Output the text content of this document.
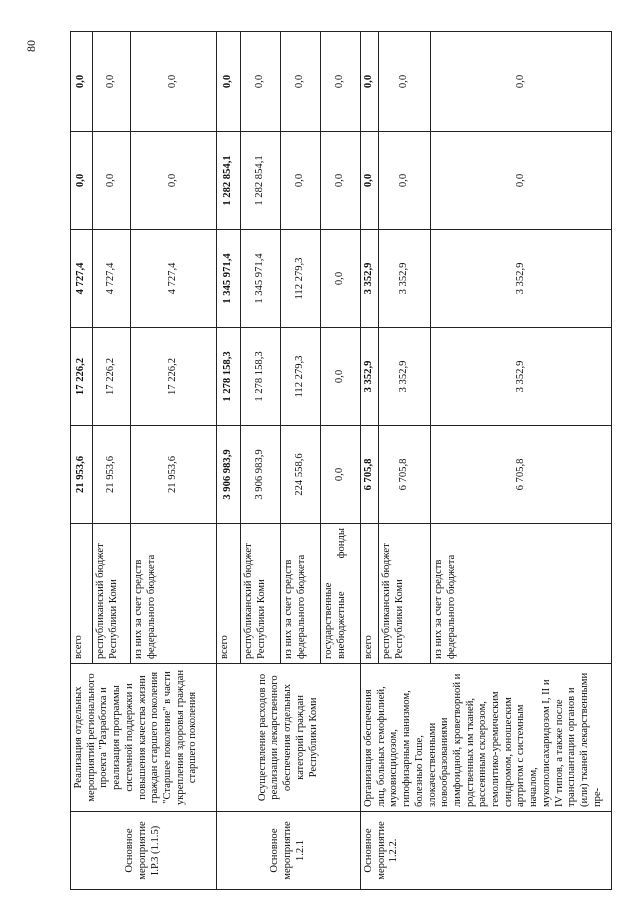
80
Основное мероприятие I.Р.3 (1.1.5)	Реализация отдельных мероприятий регионального проекта "Разработка и реализация программы системной поддержки и повышения качества жизни граждан старшего поколения "Старшее поколение" в части укрепления здоровья граждан старшего поколения	всего	21 953,6	17 226,2	4 727,4	0,0	0,0
		республиканский бюджет Республики Коми	21 953,6	17 226,2	4 727,4	0,0	0,0
		из них за счет средств федерального бюджета	21 953,6	17 226,2	4 727,4	0,0	0,0
Основное мероприятие 1.2.1	Осуществление расходов по реализации лекарственного обеспечения отдельных категорий граждан Республики Коми	всего	3 906 983,9	1 278 158,3	1 345 971,4	1 282 854,1	0,0
		республиканский бюджет Республики Коми	3 906 983,9	1 278 158,3	1 345 971,4	1 282 854,1	0,0
		из них за счет средств федерального бюджета	224 558,6	112 279,3	112 279,3	0,0	0,0

		государственные внебюджетные фонды	0,0	0,0	0,0	0,0	0,0
Основное мероприятие 1.2.2.	Организация обеспечения лиц, больных гемофилией, муковисцидозом, гипофизарным нанизмом, болезнью Гоше, злокачественными новообразованиями лимфоидной, кроветворной и родственных им тканей, рассеянным склерозом, гемолитико-уремическим синдромом, юношеским артритом с системным началом, мукополисахаридозом I, II и IV типов, а также после трансплантации органов и (или) тканей лекарственными пре-	всего	6 705,8	3 352,9	3 352,9	0,0	0,0
		республиканский бюджет Республики Коми	6 705,8	3 352,9	3 352,9	0,0	0,0
		из них за счет средств федерального бюджета	6 705,8	3 352,9	3 352,9	0,0	0,0
